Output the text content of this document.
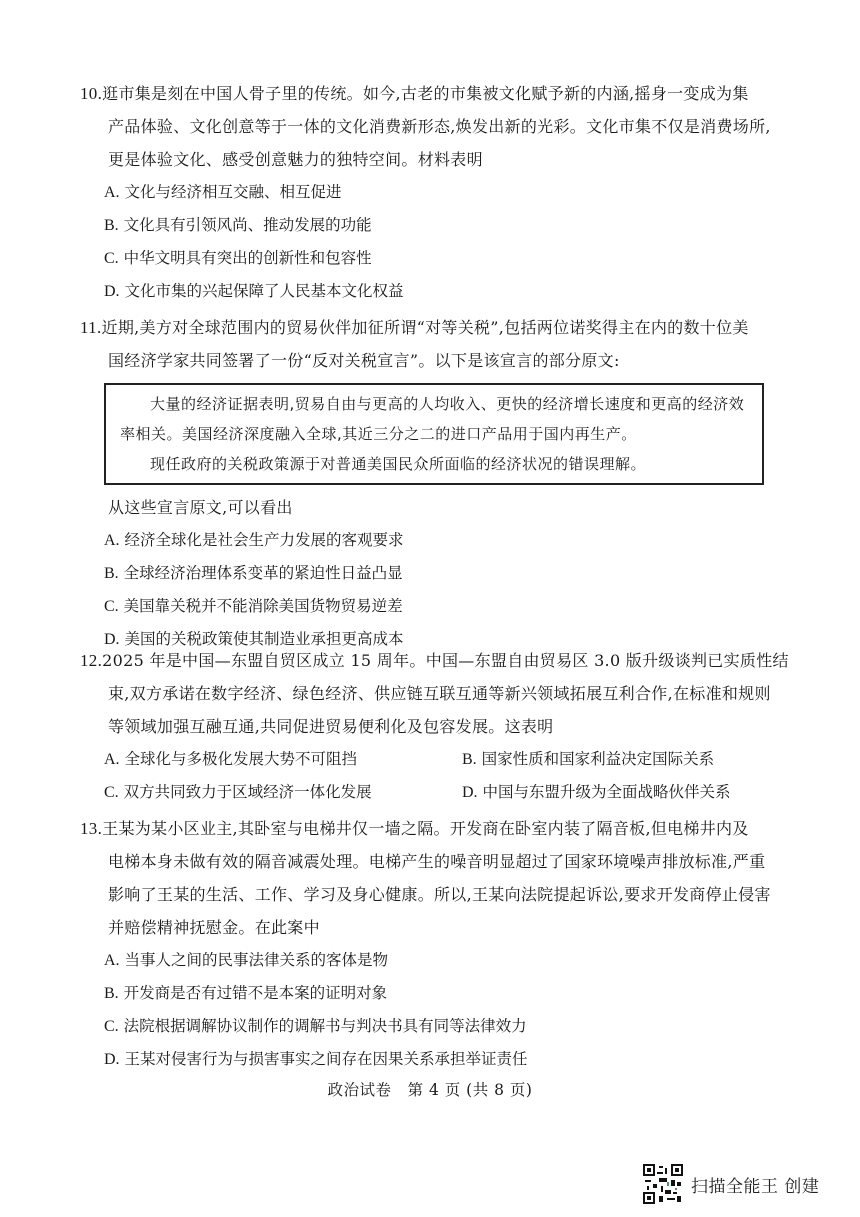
10.逛市集是刻在中国人骨子里的传统。如今,古老的市集被文化赋予新的内涵,摇身一变成为集
产品体验、文化创意等于一体的文化消费新形态,焕发出新的光彩。文化市集不仅是消费场所,
更是体验文化、感受创意魅力的独特空间。材料表明
A. 文化与经济相互交融、相互促进
B. 文化具有引领风尚、推动发展的功能
C. 中华文明具有突出的创新性和包容性
D. 文化市集的兴起保障了人民基本文化权益
11.近期,美方对全球范围内的贸易伙伴加征所谓“对等关税”,包括两位诺奖得主在内的数十位美
国经济学家共同签署了一份“反对关税宣言”。以下是该宣言的部分原文:
大量的经济证据表明,贸易自由与更高的人均收入、更快的经济增长速度和更高的经济效率相关。美国经济深度融入全球,其近三分之二的进口产品用于国内再生产。
现任政府的关税政策源于对普通美国民众所面临的经济状况的错误理解。
从这些宣言原文,可以看出
A. 经济全球化是社会生产力发展的客观要求
B. 全球经济治理体系变革的紧迫性日益凸显
C. 美国靠关税并不能消除美国货物贸易逆差
D. 美国的关税政策使其制造业承担更高成本
12.2025 年是中国—东盟自贸区成立 15 周年。中国—东盟自由贸易区 3.0 版升级谈判已实质性结
束,双方承诺在数字经济、绿色经济、供应链互联互通等新兴领域拓展互利合作,在标准和规则
等领域加强互融互通,共同促进贸易便利化及包容发展。这表明
A. 全球化与多极化发展大势不可阻挡	B. 国家性质和国家利益决定国际关系
C. 双方共同致力于区域经济一体化发展	D. 中国与东盟升级为全面战略伙伴关系
13.王某为某小区业主,其卧室与电梯井仅一墙之隔。开发商在卧室内装了隔音板,但电梯井内及
电梯本身未做有效的隔音减震处理。电梯产生的噪音明显超过了国家环境噪声排放标准,严重
影响了王某的生活、工作、学习及身心健康。所以,王某向法院提起诉讼,要求开发商停止侵害
并赔偿精神抚慰金。在此案中
A. 当事人之间的民事法律关系的客体是物
B. 开发商是否有过错不是本案的证明对象
C. 法院根据调解协议制作的调解书与判决书具有同等法律效力
D. 王某对侵害行为与损害事实之间存在因果关系承担举证责任
政治试卷　第 4 页 (共 8 页)
扫描全能王 创建
